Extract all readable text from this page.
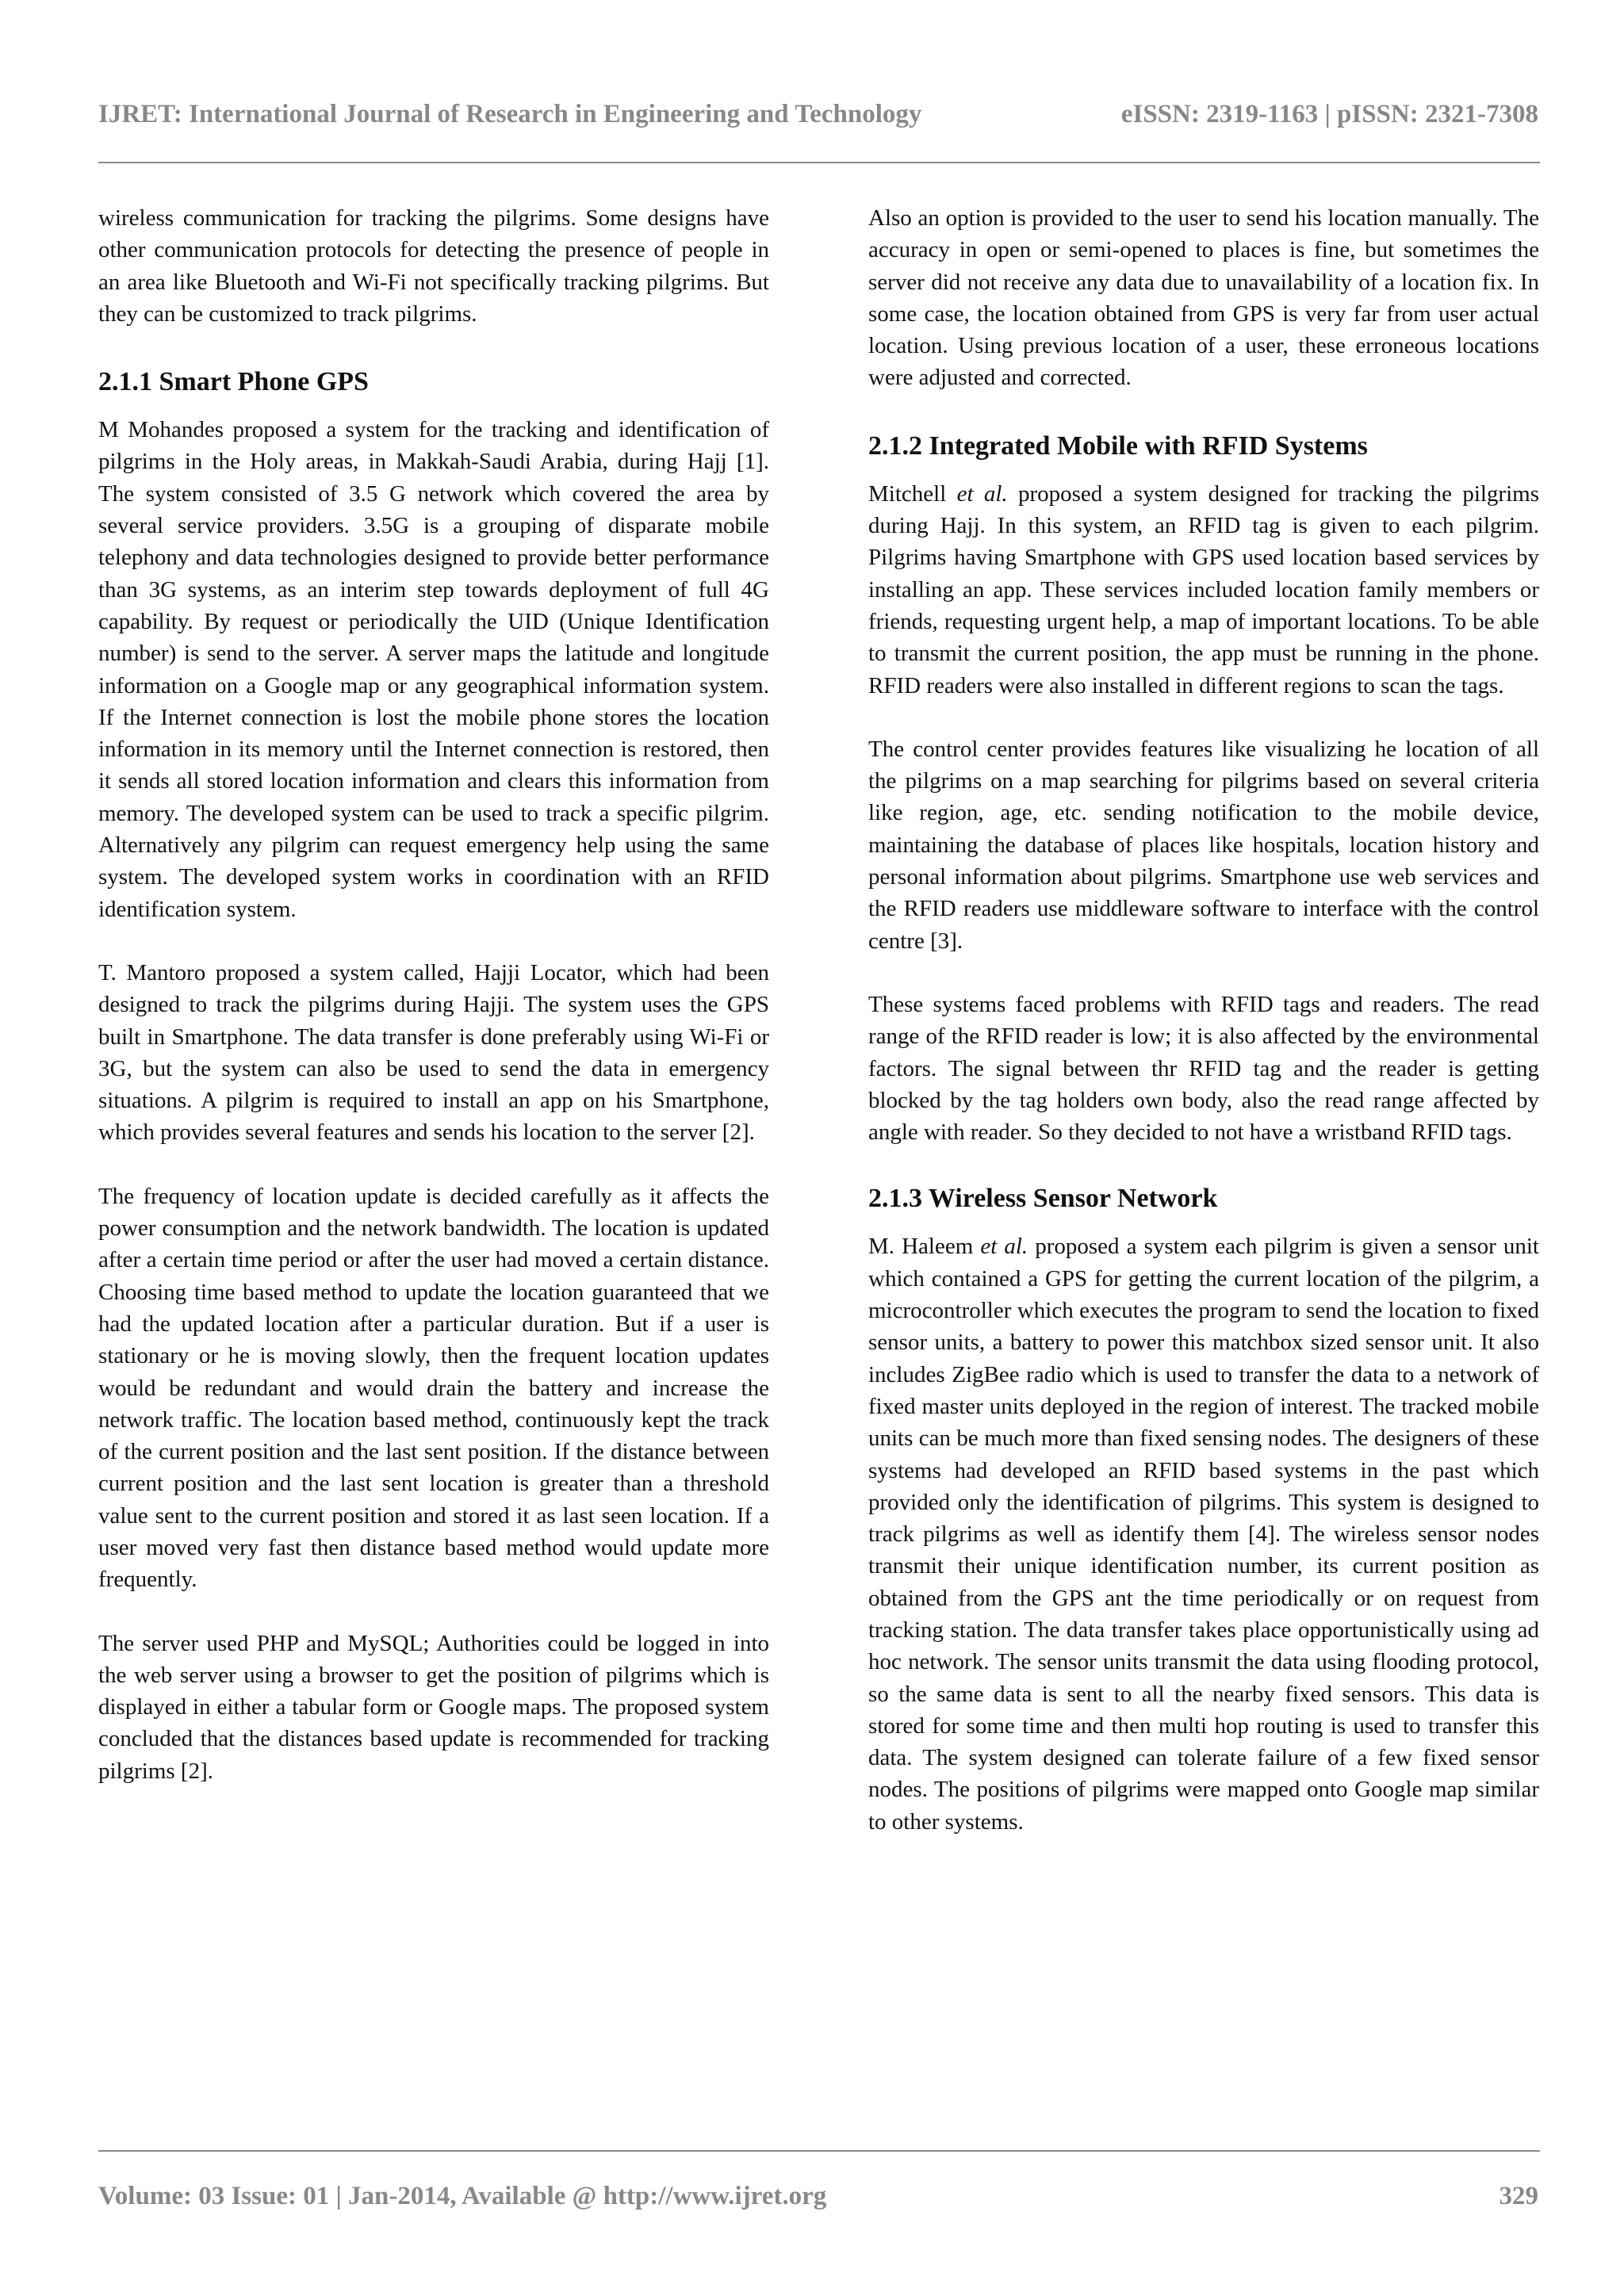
IJRET: International Journal of Research in Engineering and Technology	eISSN: 2319-1163 | pISSN: 2321-7308

wireless communication for tracking the pilgrims. Some designs have other communication protocols for detecting the presence of people in an area like Bluetooth and Wi-Fi not specifically tracking pilgrims. But they can be customized to track pilgrims.

2.1.1 Smart Phone GPS

M Mohandes proposed a system for the tracking and identification of pilgrims in the Holy areas, in Makkah-Saudi Arabia, during Hajj [1]. The system consisted of 3.5 G network which covered the area by several service providers. 3.5G is a grouping of disparate mobile telephony and data technologies designed to provide better performance than 3G systems, as an interim step towards deployment of full 4G capability. By request or periodically the UID (Unique Identification number) is send to the server. A server maps the latitude and longitude information on a Google map or any geographical information system. If the Internet connection is lost the mobile phone stores the location information in its memory until the Internet connection is restored, then it sends all stored location information and clears this information from memory. The developed system can be used to track a specific pilgrim. Alternatively any pilgrim can request emergency help using the same system. The developed system works in coordination with an RFID identification system.

T. Mantoro proposed a system called, Hajji Locator, which had been designed to track the pilgrims during Hajji. The system uses the GPS built in Smartphone. The data transfer is done preferably using Wi-Fi or 3G, but the system can also be used to send the data in emergency situations. A pilgrim is required to install an app on his Smartphone, which provides several features and sends his location to the server [2].

The frequency of location update is decided carefully as it affects the power consumption and the network bandwidth. The location is updated after a certain time period or after the user had moved a certain distance. Choosing time based method to update the location guaranteed that we had the updated location after a particular duration. But if a user is stationary or he is moving slowly, then the frequent location updates would be redundant and would drain the battery and increase the network traffic. The location based method, continuously kept the track of the current position and the last sent position. If the distance between current position and the last sent location is greater than a threshold value sent to the current position and stored it as last seen location. If a user moved very fast then distance based method would update more frequently.

The server used PHP and MySQL; Authorities could be logged in into the web server using a browser to get the position of pilgrims which is displayed in either a tabular form or Google maps. The proposed system concluded that the distances based update is recommended for tracking pilgrims [2].

Also an option is provided to the user to send his location manually. The accuracy in open or semi-opened to places is fine, but sometimes the server did not receive any data due to unavailability of a location fix. In some case, the location obtained from GPS is very far from user actual location. Using previous location of a user, these erroneous locations were adjusted and corrected.

2.1.2 Integrated Mobile with RFID Systems

Mitchell et al. proposed a system designed for tracking the pilgrims during Hajj. In this system, an RFID tag is given to each pilgrim. Pilgrims having Smartphone with GPS used location based services by installing an app. These services included location family members or friends, requesting urgent help, a map of important locations. To be able to transmit the current position, the app must be running in the phone. RFID readers were also installed in different regions to scan the tags.

The control center provides features like visualizing he location of all the pilgrims on a map searching for pilgrims based on several criteria like region, age, etc. sending notification to the mobile device, maintaining the database of places like hospitals, location history and personal information about pilgrims. Smartphone use web services and the RFID readers use middleware software to interface with the control centre [3].

These systems faced problems with RFID tags and readers. The read range of the RFID reader is low; it is also affected by the environmental factors. The signal between thr RFID tag and the reader is getting blocked by the tag holders own body, also the read range affected by angle with reader. So they decided to not have a wristband RFID tags.

2.1.3 Wireless Sensor Network

M. Haleem et al. proposed a system each pilgrim is given a sensor unit which contained a GPS for getting the current location of the pilgrim, a microcontroller which executes the program to send the location to fixed sensor units, a battery to power this matchbox sized sensor unit. It also includes ZigBee radio which is used to transfer the data to a network of fixed master units deployed in the region of interest. The tracked mobile units can be much more than fixed sensing nodes. The designers of these systems had developed an RFID based systems in the past which provided only the identification of pilgrims. This system is designed to track pilgrims as well as identify them [4]. The wireless sensor nodes transmit their unique identification number, its current position as obtained from the GPS ant the time periodically or on request from tracking station. The data transfer takes place opportunistically using ad hoc network. The sensor units transmit the data using flooding protocol, so the same data is sent to all the nearby fixed sensors. This data is stored for some time and then multi hop routing is used to transfer this data. The system designed can tolerate failure of a few fixed sensor nodes. The positions of pilgrims were mapped onto Google map similar to other systems.

Volume: 03 Issue: 01 | Jan-2014, Available @ http://www.ijret.org	329
